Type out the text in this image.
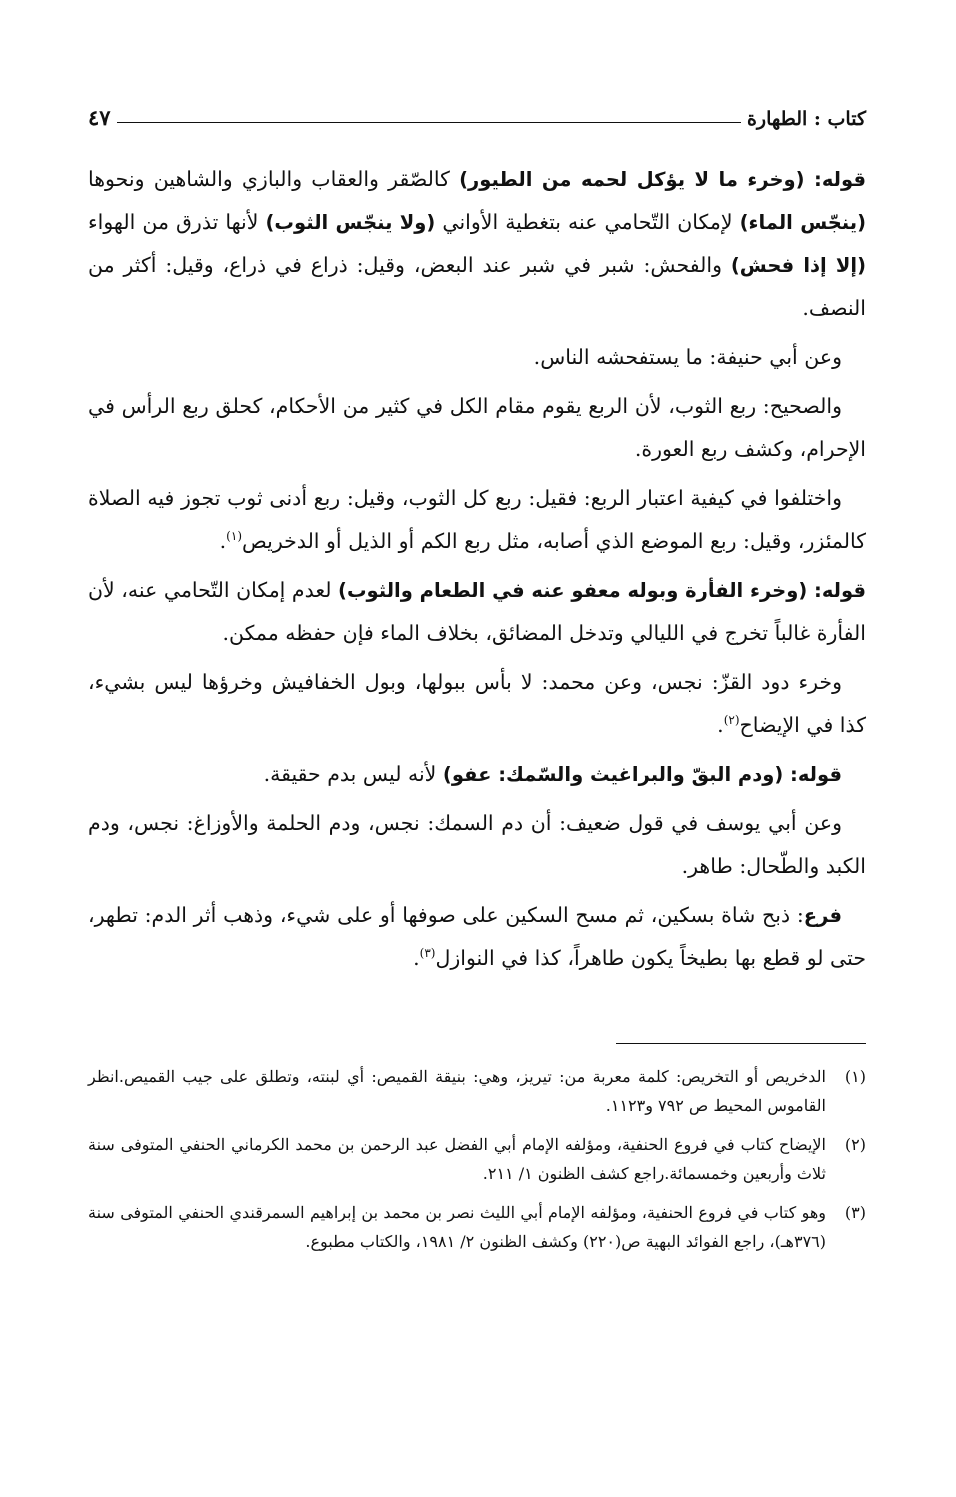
كتاب : الطهارة
٤٧

قوله: (وخرء ما لا يؤكل لحمه من الطيور) كالصّقر والعقاب والبازي والشاهين ونحوها (ينجّس الماء) لإمكان التّحامي عنه بتغطية الأواني (ولا ينجّس الثوب) لأنها تذرق من الهواء (إلا إذا فحش) والفحش: شبر في شبر عند البعض، وقيل: ذراع في ذراع، وقيل: أكثر من النصف.

وعن أبي حنيفة: ما يستفحشه الناس.

والصحيح: ربع الثوب، لأن الربع يقوم مقام الكل في كثير من الأحكام، كحلق ربع الرأس في الإحرام، وكشف ربع العورة.

واختلفوا في كيفية اعتبار الربع: فقيل: ربع كل الثوب، وقيل: ربع أدنى ثوب تجوز فيه الصلاة كالمئزر، وقيل: ربع الموضع الذي أصابه، مثل ربع الكم أو الذيل أو الدخريص$^{(١)}$.

قوله: (وخرء الفأرة وبوله معفو عنه في الطعام والثوب) لعدم إمكان التّحامي عنه، لأن الفأرة غالباً تخرج في الليالي وتدخل المضائق، بخلاف الماء فإن حفظه ممكن.

وخرء دود القزّ: نجس، وعن محمد: لا بأس ببولها، وبول الخفافيش وخرؤها ليس بشيء، كذا في الإيضاح$^{(٢)}$.

قوله: (ودم البقّ والبراغيث والسّمك: عفو) لأنه ليس بدم حقيقة.

وعن أبي يوسف في قول ضعيف: أن دم السمك: نجس، ودم الحلمة والأوزاغ: نجس، ودم الكبد والطّحال: طاهر.

فرع: ذبح شاة بسكين، ثم مسح السكين على صوفها أو على شيء، وذهب أثر الدم: تطهر، حتى لو قطع بها بطيخاً يكون طاهراً، كذا في النوازل$^{(٣)}$.

(١)
الدخريص أو التخريص: كلمة معربة من: تيريز، وهي: بنيقة القميص: أي لبنته، وتطلق على جيب القميص.انظر القاموس المحيط ص ٧٩٢ و١١٢٣.
(٢)
الإيضاح كتاب في فروع الحنفية، ومؤلفه الإمام أبي الفضل عبد الرحمن بن محمد الكرماني الحنفي المتوفى سنة ثلاث وأربعين وخمسمائة.راجع كشف الظنون ١/ ٢١١.
(٣)
وهو كتاب في فروع الحنفية، ومؤلفه الإمام أبي الليث نصر بن محمد بن إبراهيم السمرقندي الحنفي المتوفى سنة (٣٧٦هـ)، راجع الفوائد البهية ص(٢٢٠) وكشف الظنون ٢/ ١٩٨١، والكتاب مطبوع.
